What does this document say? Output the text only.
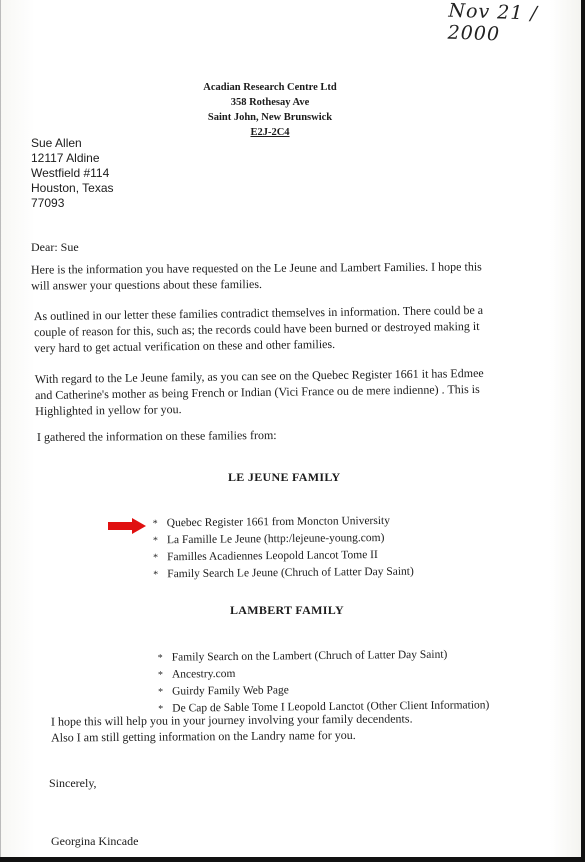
Nov 21 / 2000
Acadian Research Centre Ltd
358 Rothesay Ave
Saint John, New Brunswick
E2J-2C4
Sue Allen
12117 Aldine
Westfield #114
Houston, Texas
77093
Dear: Sue
Here is the information you have requested on the Le Jeune and Lambert Families. I hope this
will answer your questions about these families.
As outlined in our letter these families contradict themselves in information. There could be a
couple of reason for this, such as; the records could have been burned or destroyed making it
very hard to get actual verification on these and other families.
With regard to the Le Jeune family, as you can see on the Quebec Register 1661 it has Edmee
and Catherine's mother as being French or Indian (Vici France ou de mere indienne) . This is
Highlighted in yellow for you.
I gathered the information on these families from:
LE JEUNE FAMILY
* Quebec Register 1661 from Moncton University
* La Famille Le Jeune (http:/lejeune-young.com)
* Familles Acadiennes Leopold Lancot Tome II
* Family Search Le Jeune (Chruch of Latter Day Saint)
LAMBERT FAMILY
* Family Search on the Lambert (Chruch of Latter Day Saint)
* Ancestry.com
* Guirdy Family Web Page
* De Cap de Sable Tome I Leopold Lanctot (Other Client Information)
I hope this will help you in your journey involving your family decendents.
Also I am still getting information on the Landry name for you.
Sincerely,
Georgina Kincade
